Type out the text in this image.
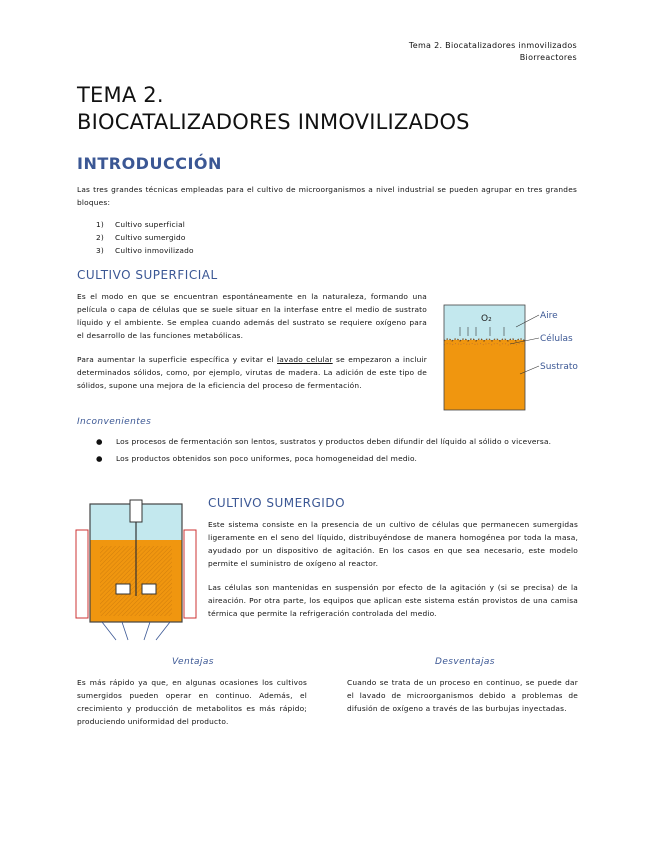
Tema 2. Biocatalizadores inmovilizados
Biorreactores
TEMA 2.
BIOCATALIZADORES INMOVILIZADOS
INTRODUCCIÓN
Las tres grandes técnicas empleadas para el cultivo de microorganismos a nivel industrial se pueden agrupar en tres grandes bloques:
1) Cultivo superficial
2) Cultivo sumergido
3) Cultivo inmovilizado
CULTIVO SUPERFICIAL
Es el modo en que se encuentran espontáneamente en la naturaleza, formando una película o capa de células que se suele situar en la interfase entre el medio de sustrato líquido y el ambiente. Se emplea cuando además del sustrato se requiere oxígeno para el desarrollo de las funciones metabólicas.
Para aumentar la superficie específica y evitar el lavado celular se empezaron a incluir determinados sólidos, como, por ejemplo, virutas de madera. La adición de este tipo de sólidos, supone una mejora de la eficiencia del proceso de fermentación.
O₂	Aire
Células
Sustrato
Inconvenientes
● Los procesos de fermentación son lentos, sustratos y productos deben difundir del líquido al sólido o viceversa.
● Los productos obtenidos son poco uniformes, poca homogeneidad del medio.
CULTIVO SUMERGIDO
Este sistema consiste en la presencia de un cultivo de células que permanecen sumergidas ligeramente en el seno del líquido, distribuyéndose de manera homogénea por toda la masa, ayudado por un dispositivo de agitación. En los casos en que sea necesario, este modelo permite el suministro de oxígeno al reactor.
Las células son mantenidas en suspensión por efecto de la agitación y (si se precisa) de la aireación. Por otra parte, los equipos que aplican este sistema están provistos de una camisa térmica que permite la refrigeración controlada del medio.
Ventajas
Es más rápido ya que, en algunas ocasiones los cultivos sumergidos pueden operar en continuo. Además, el crecimiento y producción de metabolitos es más rápido; produciendo uniformidad del producto.
Desventajas
Cuando se trata de un proceso en continuo, se puede dar el lavado de microorganismos debido a problemas de difusión de oxígeno a través de las burbujas inyectadas.
